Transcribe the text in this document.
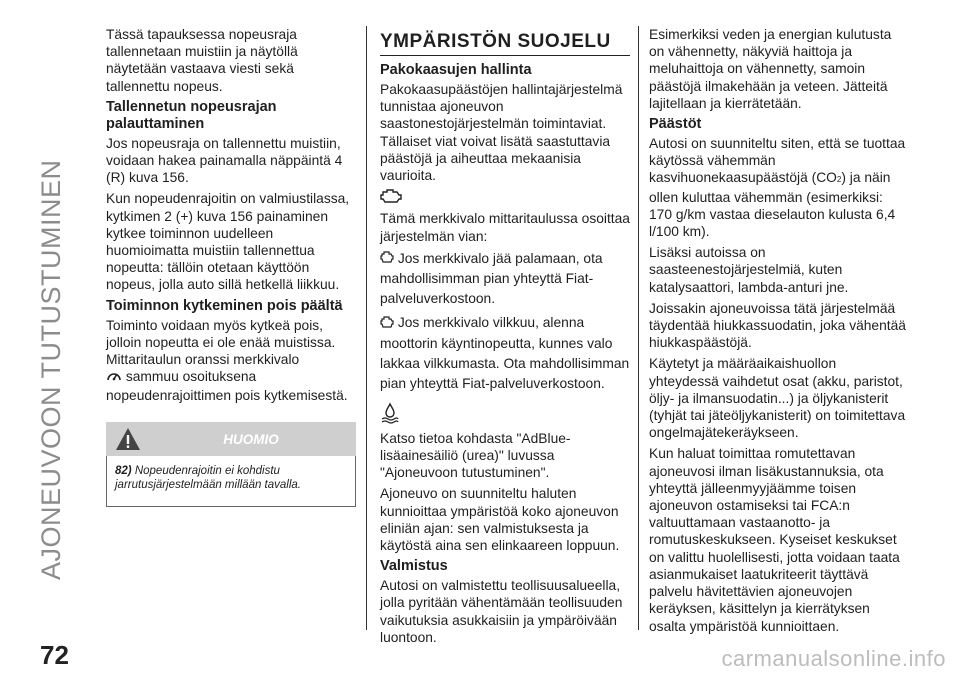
AJONEUVOON TUTUSTUMINEN

Tässä tapauksessa nopeusraja tallennetaan muistiin ja näytöllä näytetään vastaava viesti sekä tallennettu nopeus.

Tallennetun nopeusrajan palauttaminen

Jos nopeusraja on tallennettu muistiin, voidaan hakea painamalla näppäintä 4 (R) kuva 156.

Kun nopeudenrajoitin on valmiustilassa, kytkimen 2 (+) kuva 156 painaminen kytkee toiminnon uudelleen huomioimatta muistiin tallennettua nopeutta: tällöin otetaan käyttöön nopeus, jolla auto sillä hetkellä liikkuu.

Toiminnon kytkeminen pois päältä

Toiminto voidaan myös kytkeä pois, jolloin nopeutta ei ole enää muistissa. Mittaritaulun oranssi merkkivalo
sammuu osoituksena nopeudenrajoittimen pois kytkemisestä.

HUOMIO
82) Nopeudenrajoitin ei kohdistu jarrutusjärjestelmään millään tavalla.
YMPÄRISTÖN SUOJELU
Pakokaasujen hallinta

Pakokaasupäästöjen hallintajärjestelmä tunnistaa ajoneuvon saastonestojärjestelmän toimintaviat. Tällaiset viat voivat lisätä saastuttavia päästöjä ja aiheuttaa mekaanisia vaurioita.

Tämä merkkivalo mittaritaulussa osoittaa järjestelmän vian:

Jos merkkivalo jää palamaan, ota mahdollisimman pian yhteyttä Fiat-palveluverkostoon.

Jos merkkivalo vilkkuu, alenna moottorin käyntinopeutta, kunnes valo lakkaa vilkkumasta. Ota mahdollisimman pian yhteyttä Fiat-palveluverkostoon.

Katso tietoa kohdasta "AdBlue-lisäainesäiliö (urea)" luvussa "Ajoneuvoon tutustuminen".

Ajoneuvo on suunniteltu haluten kunnioittaa ympäristöä koko ajoneuvon eliniän ajan: sen valmistuksesta ja käytöstä aina sen elinkaareen loppuun.

Valmistus

Autosi on valmistettu teollisuusalueella, jolla pyritään vähentämään teollisuuden vaikutuksia asukkaisiin ja ympäröivään luontoon.

Esimerkiksi veden ja energian kulutusta on vähennetty, näkyviä haittoja ja meluhaittoja on vähennetty, samoin päästöjä ilmakehään ja veteen. Jätteitä lajitellaan ja kierrätetään.

Päästöt

Autosi on suunniteltu siten, että se tuottaa käytössä vähemmän kasvihuonekaasupäästöjä (CO2) ja näin ollen kuluttaa vähemmän (esimerkiksi: 170 g/km vastaa dieselauton kulusta 6,4 l/100 km).

Lisäksi autoissa on saasteenestojärjestelmiä, kuten katalysaattori, lambda-anturi jne.

Joissakin ajoneuvoissa tätä järjestelmää täydentää hiukkassuodatin, joka vähentää hiukkaspäästöjä.

Käytetyt ja määräaikaishuollon yhteydessä vaihdetut osat (akku, paristot, öljy- ja ilmansuodatin...) ja öljykanisterit (tyhjät tai jäteöljykanisterit) on toimitettava ongelmajätekeräykseen.

Kun haluat toimittaa romutettavan ajoneuvosi ilman lisäkustannuksia, ota yhteyttä jälleenmyyjäämme toisen ajoneuvon ostamiseksi tai FCA:n valtuuttamaan vastaanotto- ja romutuskeskukseen. Kyseiset keskukset on valittu huolellisesti, jotta voidaan taata asianmukaiset laatukriteerit täyttävä palvelu hävitettävien ajoneuvojen keräyksen, käsittelyn ja kierrätyksen osalta ympäristöä kunnioittaen.

72	carmanualsonline.info
